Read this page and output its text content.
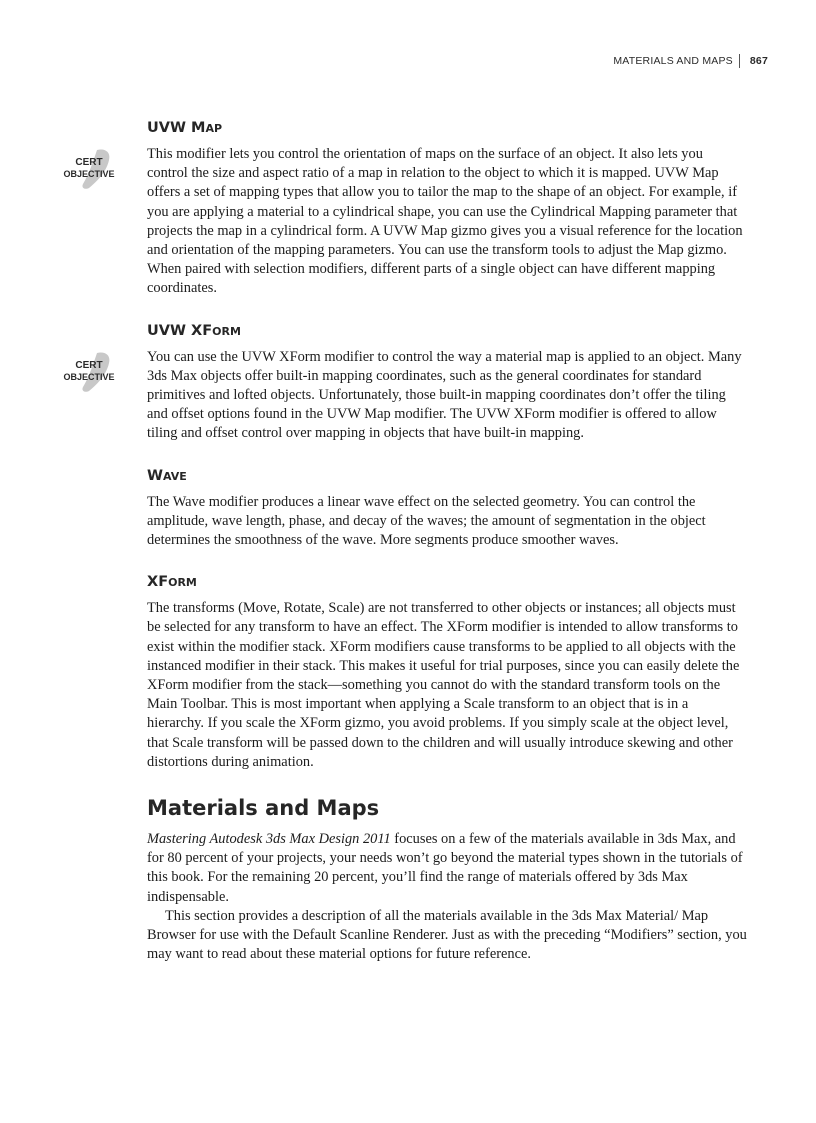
MATERIALS AND MAPS	867
UVW MAP
CERT
OBJECTIVE

This modifier lets you control the orientation of maps on the surface of an object. It also lets you control the size and aspect ratio of a map in relation to the object to which it is mapped. UVW Map offers a set of mapping types that allow you to tailor the map to the shape of an object. For example, if you are applying a material to a cylindrical shape, you can use the Cylindrical Mapping parameter that projects the map in a cylindrical form. A UVW Map gizmo gives you a visual reference for the location and orientation of the mapping parameters. You can use the transform tools to adjust the Map gizmo. When paired with selection modifiers, different parts of a single object can have different mapping coordinates.

UVW XFORM
CERT
OBJECTIVE

You can use the UVW XForm modifier to control the way a material map is applied to an object. Many 3ds Max objects offer built-in mapping coordinates, such as the general coordinates for standard primitives and lofted objects. Unfortunately, those built-in mapping coordinates don’t offer the tiling and offset options found in the UVW Map modifier. The UVW XForm modifier is offered to allow tiling and offset control over mapping in objects that have built-in mapping.

WAVE

The Wave modifier produces a linear wave effect on the selected geometry. You can control the amplitude, wave length, phase, and decay of the waves; the amount of segmentation in the object determines the smoothness of the wave. More segments produce smoother waves.

XFORM

The transforms (Move, Rotate, Scale) are not transferred to other objects or instances; all objects must be selected for any transform to have an effect. The XForm modifier is intended to allow transforms to exist within the modifier stack. XForm modifiers cause transforms to be applied to all objects with the instanced modifier in their stack. This makes it useful for trial purposes, since you can easily delete the XForm modifier from the stack—something you cannot do with the standard transform tools on the Main Toolbar. This is most important when applying a Scale transform to an object that is in a hierarchy. If you scale the XForm gizmo, you avoid problems. If you simply scale at the object level, that Scale transform will be passed down to the children and will usually introduce skewing and other distortions during animation.

Materials and Maps

Mastering Autodesk 3ds Max Design 2011 focuses on a few of the materials available in 3ds Max, and for 80 percent of your projects, your needs won’t go beyond the material types shown in the tutorials of this book. For the remaining 20 percent, you’ll find the range of materials offered by 3ds Max indispensable.

This section provides a description of all the materials available in the 3ds Max Material/ Map Browser for use with the Default Scanline Renderer. Just as with the preceding “Modifiers” section, you may want to read about these material options for future reference.
